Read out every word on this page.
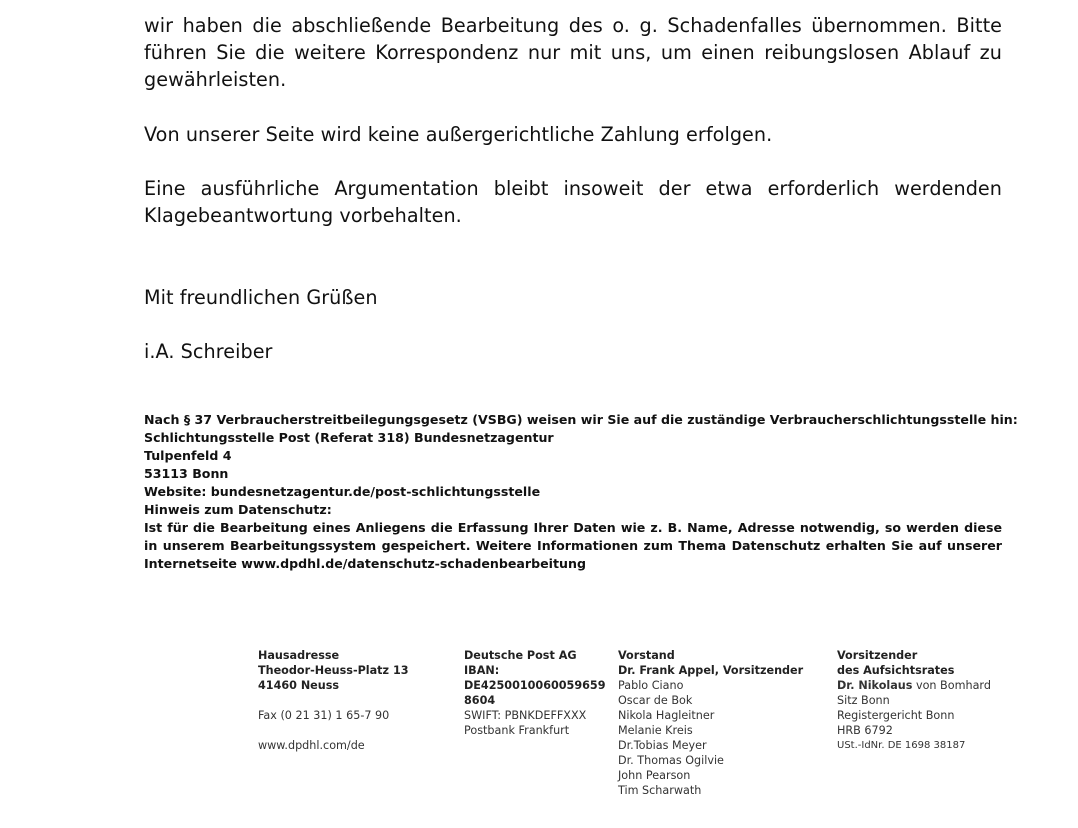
wir haben die abschließende Bearbeitung des o. g. Schadenfalles übernommen. Bitte führen Sie die weitere Korrespondenz nur mit uns, um einen reibungslosen Ablauf zu gewährleisten.
Von unserer Seite wird keine außergerichtliche Zahlung erfolgen.
Eine ausführliche Argumentation bleibt insoweit der etwa erforderlich werdenden Klagebeantwortung vorbehalten.
Mit freundlichen Grüßen
i.A. Schreiber
Nach § 37 Verbraucherstreitbeilegungsgesetz (VSBG) weisen wir Sie auf die zuständige Verbraucherschlichtungsstelle hin:
Schlichtungsstelle Post (Referat 318) Bundesnetzagentur
Tulpenfeld 4
53113 Bonn
Website: bundesnetzagentur.de/post-schlichtungsstelle
Hinweis zum Datenschutz:
Ist für die Bearbeitung eines Anliegens die Erfassung Ihrer Daten wie z. B. Name, Adresse notwendig, so werden diese in unserem Bearbeitungssystem gespeichert. Weitere Informationen zum Thema Datenschutz erhalten Sie auf unserer Internetseite www.dpdhl.de/datenschutz-schadenbearbeitung
Hausadresse
Theodor-Heuss-Platz 13
41460 Neuss
Fax (0 21 31) 1 65-7 90
www.dpdhl.com/de
Deutsche Post AG
IBAN:
DE4250010060059659
8604
SWIFT: PBNKDEFFXXX
Postbank Frankfurt
Vorstand
Dr. Frank Appel, Vorsitzender
Pablo Ciano
Oscar de Bok
Nikola Hagleitner
Melanie Kreis
Dr.Tobias Meyer
Dr. Thomas Ogilvie
John Pearson
Tim Scharwath
Vorsitzender
des Aufsichtsrates
Dr. Nikolaus von Bomhard
Sitz Bonn
Registergericht Bonn
HRB 6792
USt.-IdNr. DE 1698 38187
